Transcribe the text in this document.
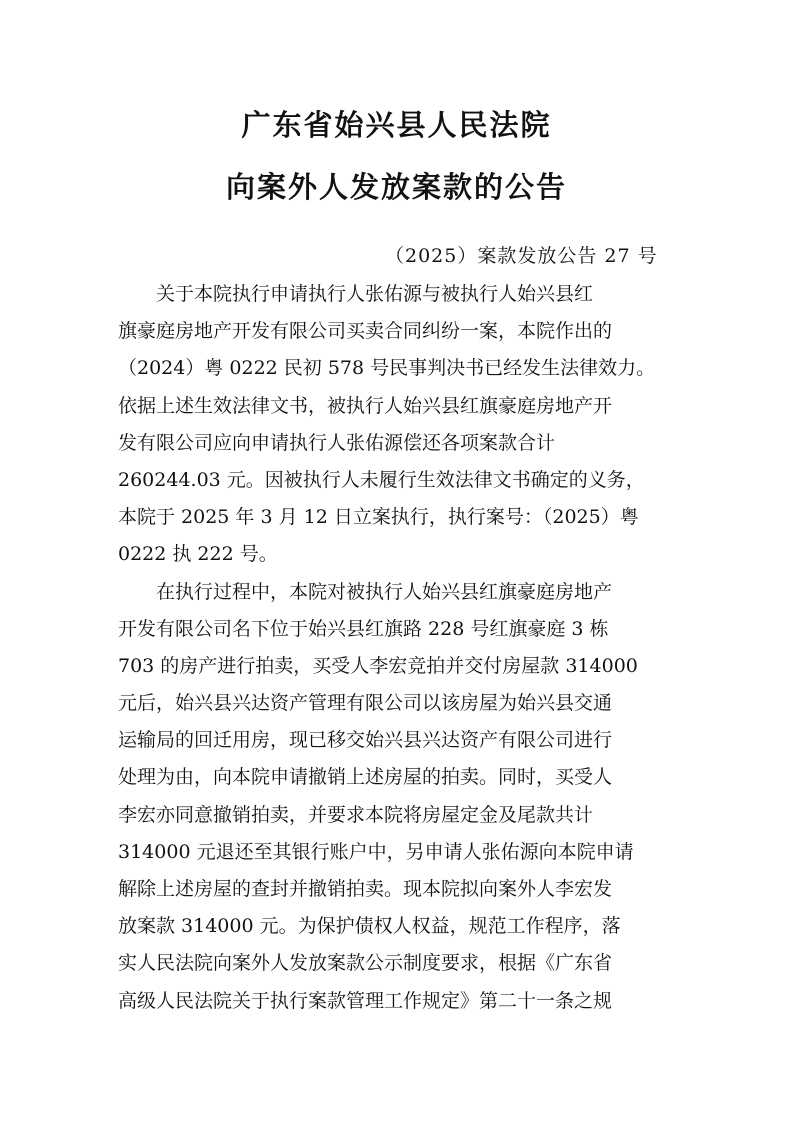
广东省始兴县人民法院
向案外人发放案款的公告
（2025）案款发放公告 27 号
关于本院执行申请执行人张佑源与被执行人始兴县红
旗豪庭房地产开发有限公司买卖合同纠纷一案，本院作出的
（2024）粤 0222 民初 578 号民事判决书已经发生法律效力。
依据上述生效法律文书，被执行人始兴县红旗豪庭房地产开
发有限公司应向申请执行人张佑源偿还各项案款合计
260244.03 元。因被执行人未履行生效法律文书确定的义务，
本院于 2025 年 3 月 12 日立案执行，执行案号：（2025）粤
0222 执 222 号。
在执行过程中，本院对被执行人始兴县红旗豪庭房地产
开发有限公司名下位于始兴县红旗路 228 号红旗豪庭 3 栋
703 的房产进行拍卖，买受人李宏竞拍并交付房屋款 314000
元后，始兴县兴达资产管理有限公司以该房屋为始兴县交通
运输局的回迁用房，现已移交始兴县兴达资产有限公司进行
处理为由，向本院申请撤销上述房屋的拍卖。同时，买受人
李宏亦同意撤销拍卖，并要求本院将房屋定金及尾款共计
314000 元退还至其银行账户中，另申请人张佑源向本院申请
解除上述房屋的查封并撤销拍卖。现本院拟向案外人李宏发
放案款 314000 元。为保护债权人权益，规范工作程序，落
实人民法院向案外人发放案款公示制度要求，根据《广东省
高级人民法院关于执行案款管理工作规定》第二十一条之规
